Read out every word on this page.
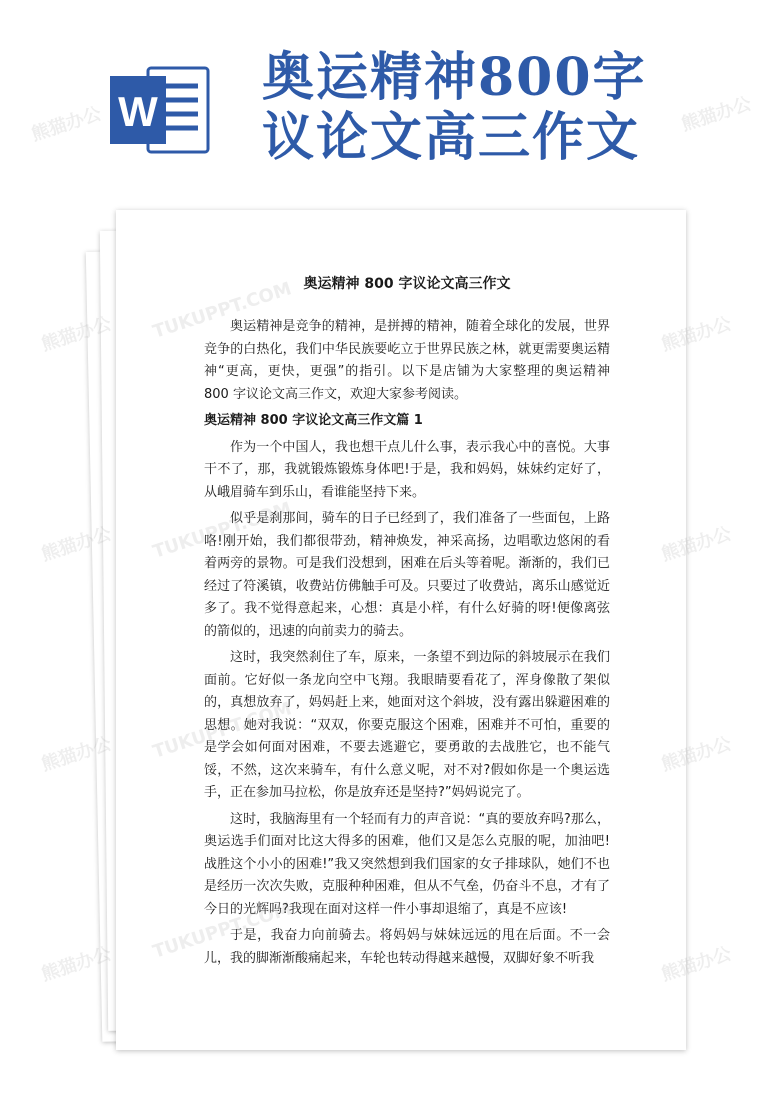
W
奥运精神800字
议论文高三作文
奥运精神 800 字议论文高三作文

奥运精神是竞争的精神，是拼搏的精神，随着全球化的发展，世界竞争的白热化，我们中华民族要屹立于世界民族之林，就更需要奥运精神“更高，更快，更强”的指引。以下是店铺为大家整理的奥运精神 800 字议论文高三作文，欢迎大家参考阅读。

奥运精神 800 字议论文高三作文篇 1

作为一个中国人，我也想干点儿什么事，表示我心中的喜悦。大事干不了，那，我就锻炼锻炼身体吧!于是，我和妈妈，妹妹约定好了，从峨眉骑车到乐山，看谁能坚持下来。

似乎是刹那间，骑车的日子已经到了，我们准备了一些面包，上路咯!刚开始，我们都很带劲，精神焕发，神采高扬，边唱歌边悠闲的看着两旁的景物。可是我们没想到，困难在后头等着呢。渐渐的，我们已经过了符溪镇，收费站仿佛触手可及。只要过了收费站，离乐山感觉近多了。我不觉得意起来，心想：真是小样，有什么好骑的呀!便像离弦的箭似的，迅速的向前卖力的骑去。

这时，我突然刹住了车，原来，一条望不到边际的斜坡展示在我们面前。它好似一条龙向空中飞翔。我眼睛要看花了，浑身像散了架似的，真想放弃了，妈妈赶上来，她面对这个斜坡，没有露出躲避困难的思想。她对我说：“双双，你要克服这个困难，困难并不可怕，重要的是学会如何面对困难，不要去逃避它，要勇敢的去战胜它，也不能气馁，不然，这次来骑车，有什么意义呢，对不对?假如你是一个奥运选手，正在参加马拉松，你是放弃还是坚持?”妈妈说完了。

这时，我脑海里有一个轻而有力的声音说：“真的要放弃吗?那么，奥运选手们面对比这大得多的困难，他们又是怎么克服的呢，加油吧!战胜这个小小的困难!”我又突然想到我们国家的女子排球队，她们不也是经历一次次失败，克服种种困难，但从不气垒，仍奋斗不息，才有了今日的光辉吗?我现在面对这样一件小事却退缩了，真是不应该!

于是，我奋力向前骑去。将妈妈与妹妹远远的甩在后面。不一会儿，我的脚渐渐酸痛起来，车轮也转动得越来越慢，双脚好象不听我

熊猫办公	熊猫办公
熊猫办公	熊猫办公
熊猫办公	熊猫办公
熊猫办公	熊猫办公
熊猫办公	熊猫办公
